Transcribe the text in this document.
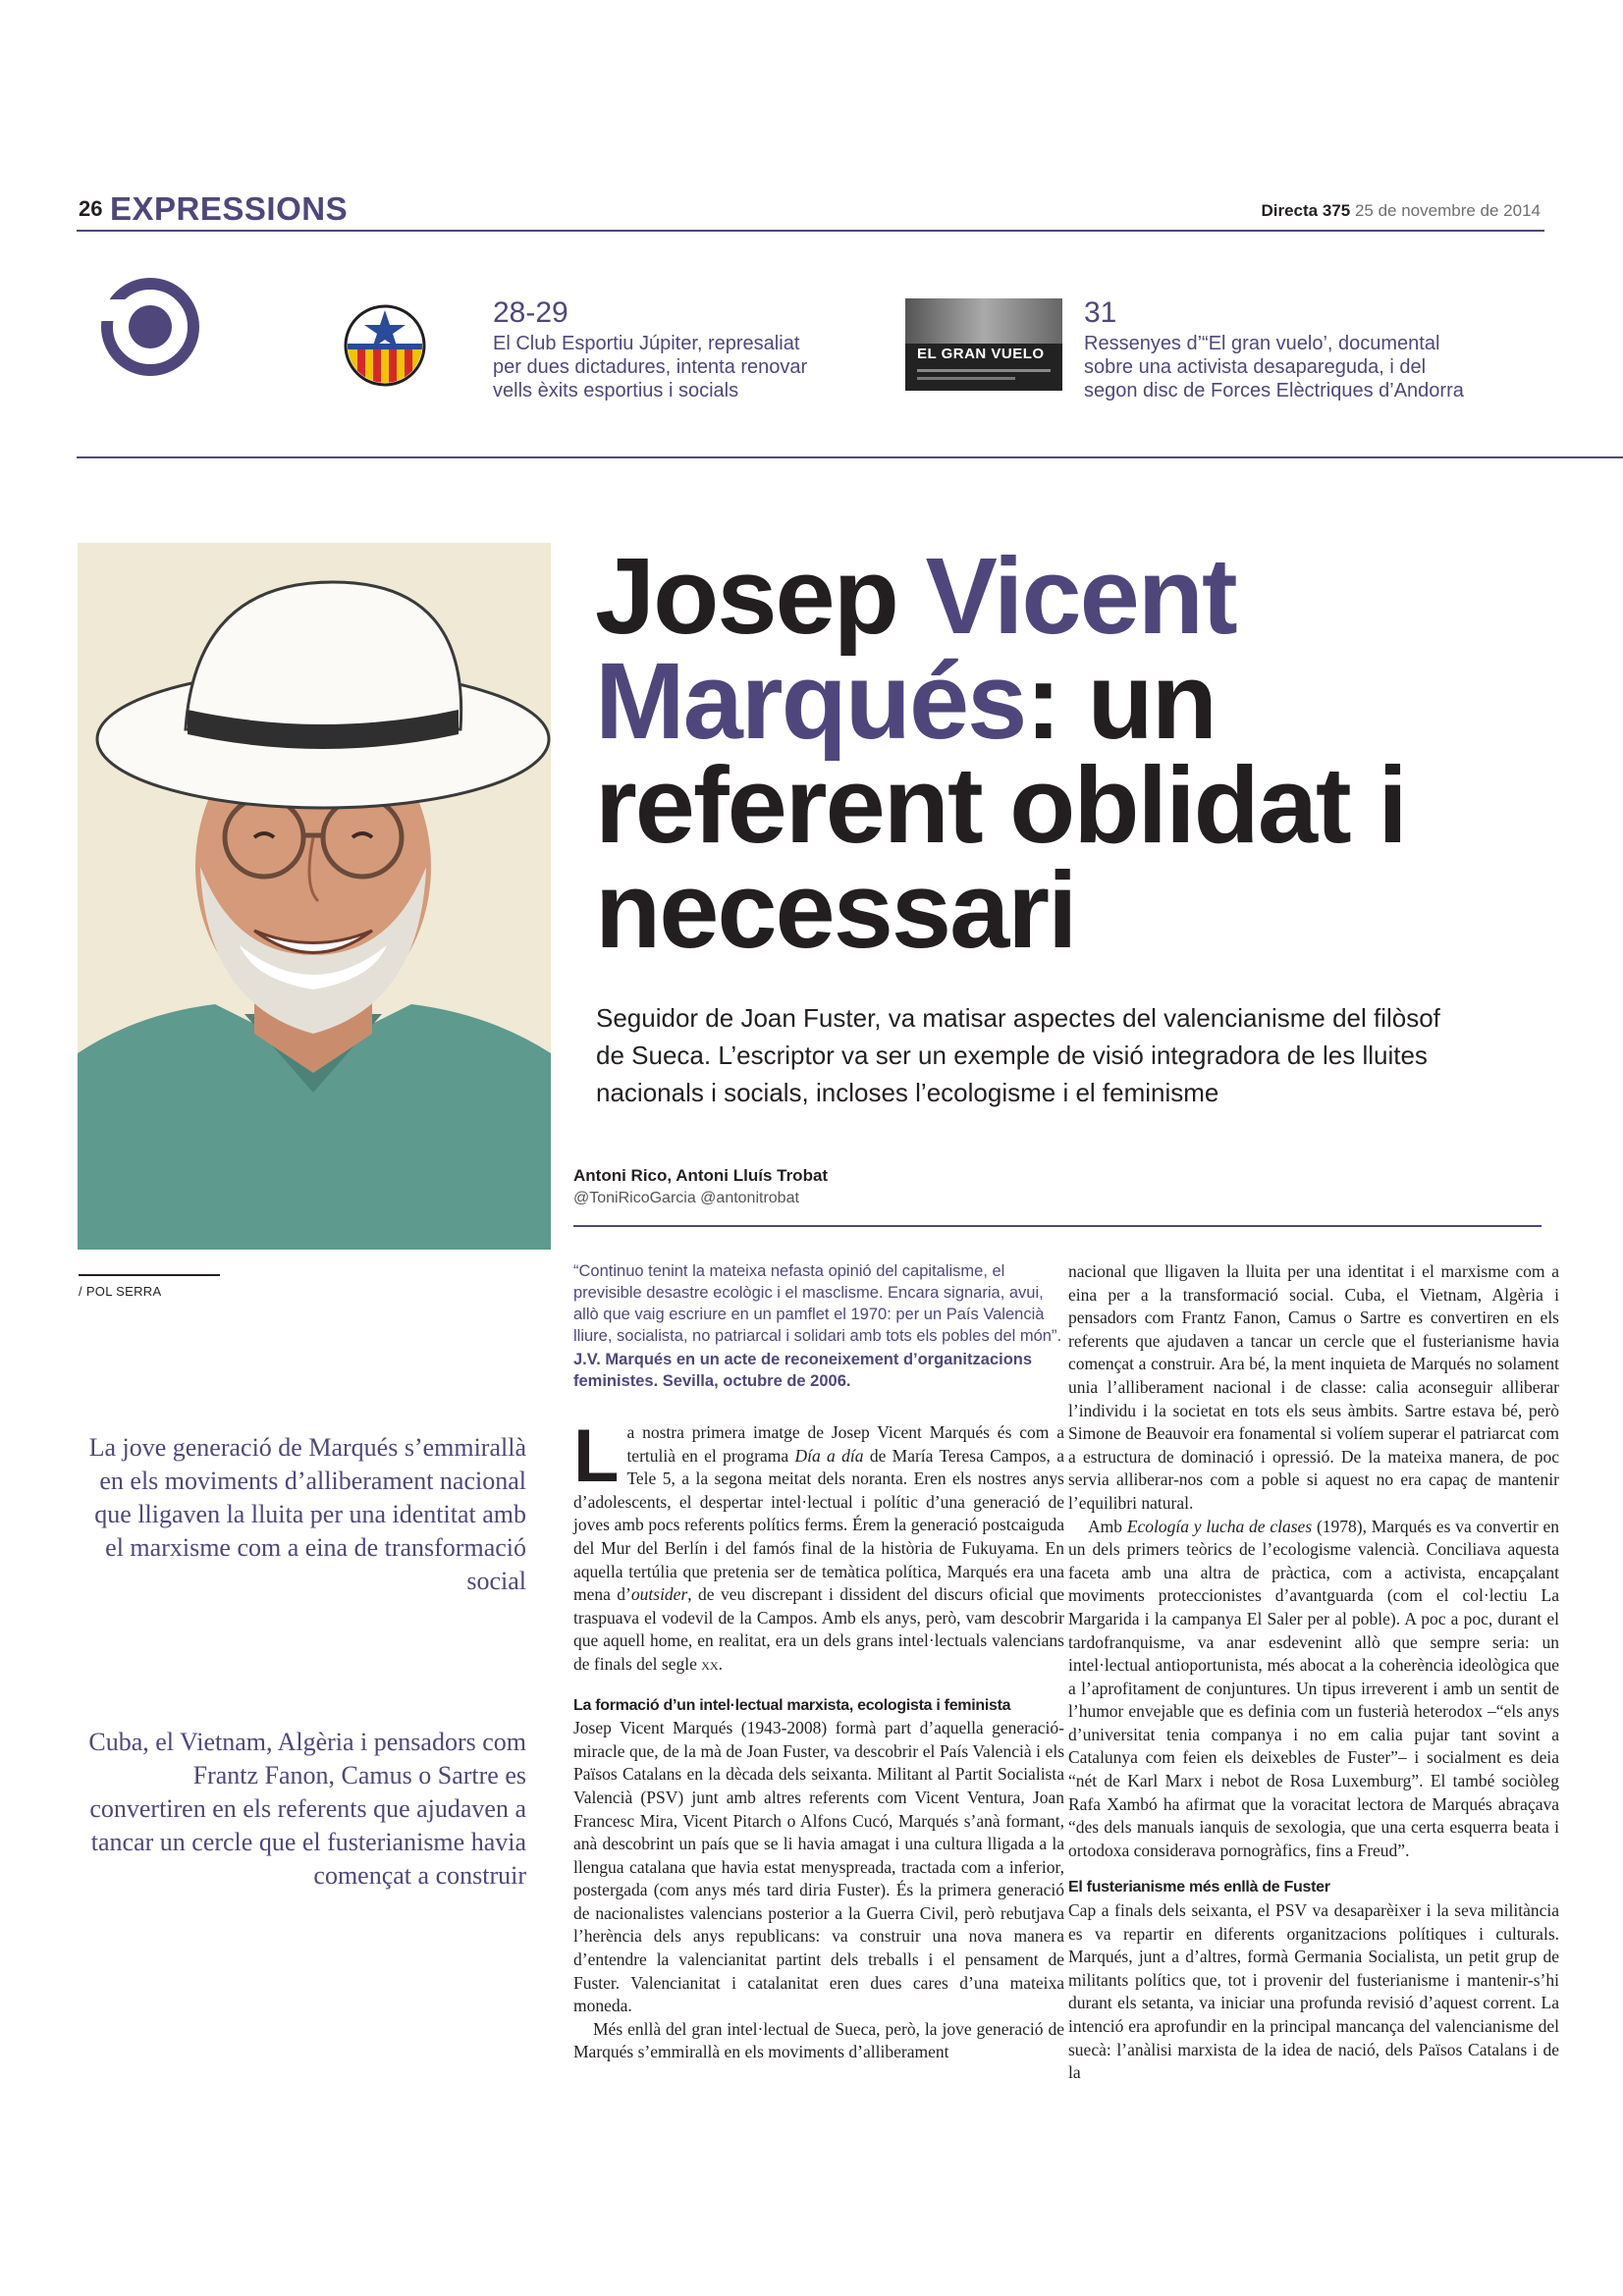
26 EXPRESSIONS	Directa 375 25 de novembre de 2014
28-29
El Club Esportiu Júpiter, represaliat
per dues dictadures, intenta renovar
vells èxits esportius i socials
EL GRAN VUELO
31
Ressenyes d’“El gran vuelo’, documental
sobre una activista desapareguda, i del
segon disc de Forces Elèctriques d’Andorra
/ POL SERRA
Josep Vicent
Marqués: un referent oblidat i necessari

Seguidor de Joan Fuster, va matisar aspectes del valencianisme del filòsof de Sueca. L’escriptor va ser un exemple de visió integradora de les lluites nacionals i socials, incloses l’ecologisme i el feminisme

Antoni Rico, Antoni Lluís Trobat
@ToniRicoGarcia @antonitrobat

La jove generació de Marqués s’emmirallà en els moviments d’alliberament nacional que lligaven la lluita per una identitat amb el marxisme com a eina de transformació social

Cuba, el Vietnam, Algèria i pensadors com Frantz Fanon, Camus o Sartre es convertiren en els referents que ajudaven a tancar un cercle que el fusterianisme havia començat a construir

“Continuo tenint la mateixa nefasta opinió del capitalisme, el previsible desastre ecològic i el masclisme. Encara signaria, avui, allò que vaig escriure en un pamflet el 1970: per un País Valencià lliure, socialista, no patriarcal i solidari amb tots els pobles del món”.
J.V. Marqués en un acte de reconeixement d’organitzacions feministes. Sevilla, octubre de 2006.

La nostra primera imatge de Josep Vicent Marqués és com a tertulià en el programa Día a día de María Teresa Campos, a Tele 5, a la segona meitat dels noranta. Eren els nostres anys d’adolescents, el despertar intel·lectual i polític d’una generació de joves amb pocs referents polítics ferms. Érem la generació postcaiguda del Mur del Berlín i del famós final de la història de Fukuyama. En aquella tertúlia que pretenia ser de temàtica política, Marqués era una mena d’outsider, de veu discrepant i dissident del discurs oficial que traspuava el vodevil de la Campos. Amb els anys, però, vam descobrir que aquell home, en realitat, era un dels grans intel·lectuals valencians de finals del segle xx.

La formació d’un intel·lectual marxista, ecologista i feminista

Josep Vicent Marqués (1943-2008) formà part d’aquella generació-miracle que, de la mà de Joan Fuster, va descobrir el País Valencià i els Països Catalans en la dècada dels seixanta. Militant al Partit Socialista Valencià (PSV) junt amb altres referents com Vicent Ventura, Joan Francesc Mira, Vicent Pitarch o Alfons Cucó, Marqués s’anà formant, anà descobrint un país que se li havia amagat i una cultura lligada a la llengua catalana que havia estat menyspreada, tractada com a inferior, postergada (com anys més tard diria Fuster). És la primera generació de nacionalistes valencians posterior a la Guerra Civil, però rebutjava l’herència dels anys republicans: va construir una nova manera d’entendre la valencianitat partint dels treballs i el pensament de Fuster. Valencianitat i catalanitat eren dues cares d’una mateixa moneda.

Més enllà del gran intel·lectual de Sueca, però, la jove generació de Marqués s’emmirallà en els moviments d’alliberament

nacional que lligaven la lluita per una identitat i el marxisme com a eina per a la transformació social. Cuba, el Vietnam, Algèria i pensadors com Frantz Fanon, Camus o Sartre es convertiren en els referents que ajudaven a tancar un cercle que el fusterianisme havia començat a construir. Ara bé, la ment inquieta de Marqués no solament unia l’alliberament nacional i de classe: calia aconseguir alliberar l’individu i la societat en tots els seus àmbits. Sartre estava bé, però Simone de Beauvoir era fonamental si volíem superar el patriarcat com a estructura de dominació i opressió. De la mateixa manera, de poc servia alliberar-nos com a poble si aquest no era capaç de mantenir l’equilibri natural.

Amb Ecología y lucha de clases (1978), Marqués es va convertir en un dels primers teòrics de l’ecologisme valencià. Conciliava aquesta faceta amb una altra de pràctica, com a activista, encapçalant moviments proteccionistes d’avantguarda (com el col·lectiu La Margarida i la campanya El Saler per al poble). A poc a poc, durant el tardofranquisme, va anar esdevenint allò que sempre seria: un intel·lectual antioportunista, més abocat a la coherència ideològica que a l’aprofitament de conjuntures. Un tipus irreverent i amb un sentit de l’humor envejable que es definia com un fusterià heterodox –“els anys d’universitat tenia companya i no em calia pujar tant sovint a Catalunya com feien els deixebles de Fuster”– i socialment es deia “nét de Karl Marx i nebot de Rosa Luxemburg”. El també sociòleg Rafa Xambó ha afirmat que la voracitat lectora de Marqués abraçava “des dels manuals ianquis de sexologia, que una certa esquerra beata i ortodoxa considerava pornogràfics, fins a Freud”.

El fusterianisme més enllà de Fuster

Cap a finals dels seixanta, el PSV va desaparèixer i la seva militància es va repartir en diferents organitzacions polítiques i culturals. Marqués, junt a d’altres, formà Germania Socialista, un petit grup de militants polítics que, tot i provenir del fusterianisme i mantenir-s’hi durant els setanta, va iniciar una profunda revisió d’aquest corrent. La intenció era aprofundir en la principal mancança del valencianisme del suecà: l’anàlisi marxista de la idea de nació, dels Països Catalans i de la
